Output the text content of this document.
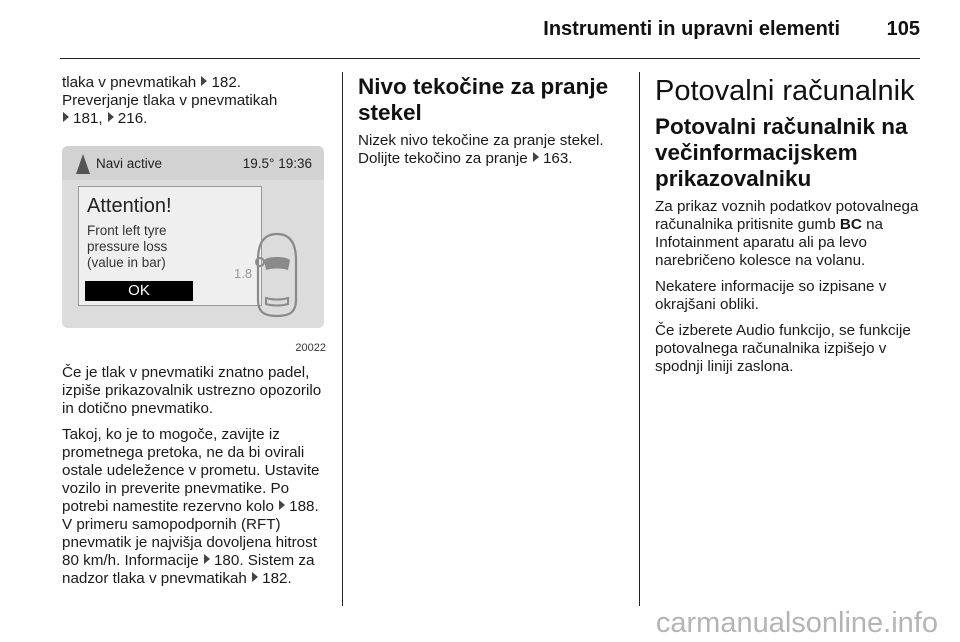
Instrumenti in upravni elementi 105

tlaka v pnevmatikah 182.
Preverjanje tlaka v pnevmatikah
181, 216.

Navi active	19.5° 19:36
Attention!
Front left tyre
pressure loss
(value in bar)
OK
1.8
20022

Če je tlak v pnevmatiki znatno padel, izpiše prikazovalnik ustrezno opozorilo in dotično pnevmatiko.

Takoj, ko je to mogoče, zavijte iz prometnega pretoka, ne da bi ovirali ostale udeležence v prometu. Ustavite vozilo in preverite pnevmatike. Po potrebi namestite rezervno kolo 188. V primeru samopodpornih (RFT) pnevmatik je najvišja dovoljena hitrost 80 km/h. Informacije 180. Sistem za nadzor tlaka v pnevmatikah 182.

Nivo tekočine za pranje stekel

Nizek nivo tekočine za pranje stekel. Dolijte tekočino za pranje 163.

Potovalni računalnik
Potovalni računalnik na večinformacijskem prikazovalniku

Za prikaz voznih podatkov potovalnega računalnika pritisnite gumb BC na Infotainment aparatu ali pa levo narebričeno kolesce na volanu.

Nekatere informacije so izpisane v okrajšani obliki.

Če izberete Audio funkcijo, se funkcije potovalnega računalnika izpišejo v spodnji liniji zaslona.

carmanualsonline.info
